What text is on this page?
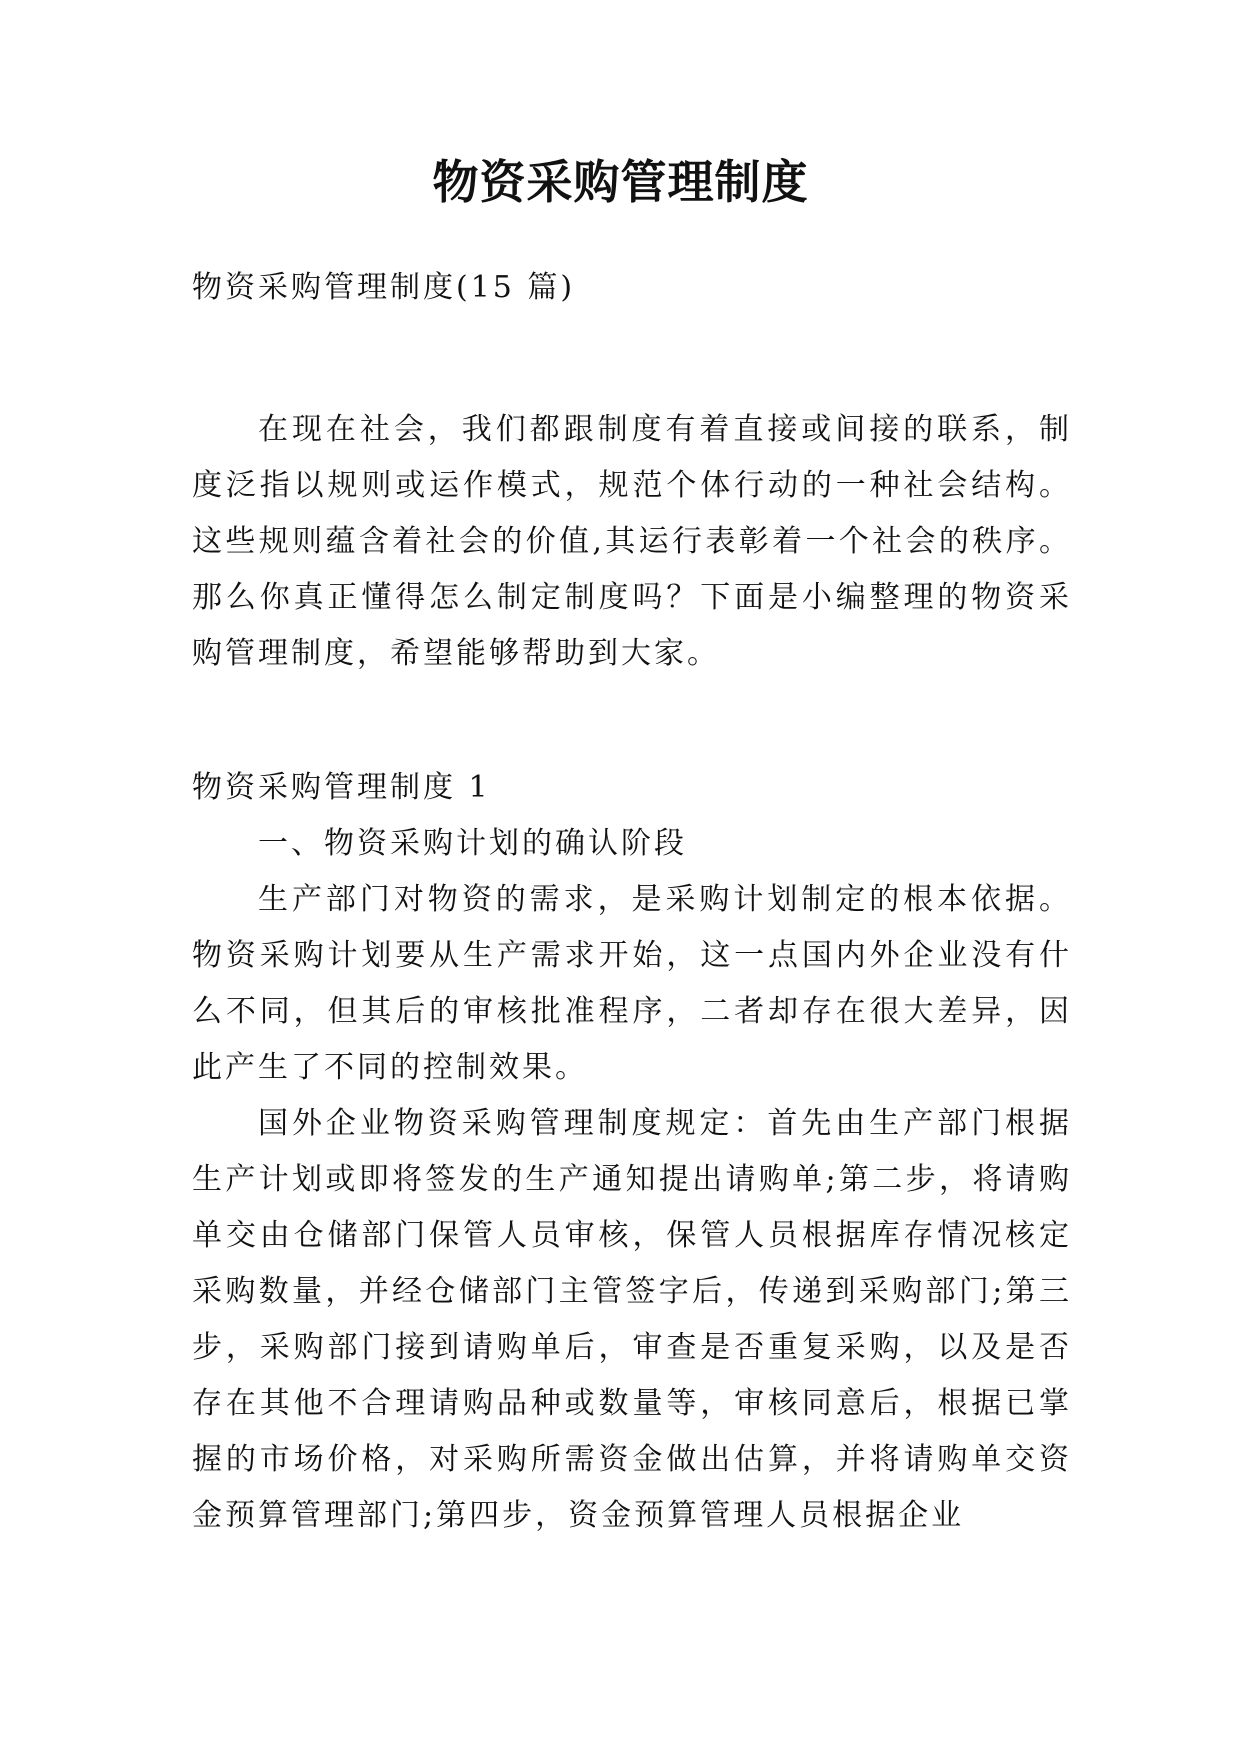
物资采购管理制度

物资采购管理制度(15 篇)

在现在社会，我们都跟制度有着直接或间接的联系，制度泛指以规则或运作模式，规范个体行动的一种社会结构。这些规则蕴含着社会的价值,其运行表彰着一个社会的秩序。那么你真正懂得怎么制定制度吗？下面是小编整理的物资采购管理制度，希望能够帮助到大家。

物资采购管理制度 1

一、物资采购计划的确认阶段

生产部门对物资的需求，是采购计划制定的根本依据。物资采购计划要从生产需求开始，这一点国内外企业没有什么不同，但其后的审核批准程序，二者却存在很大差异，因此产生了不同的控制效果。

国外企业物资采购管理制度规定：首先由生产部门根据生产计划或即将签发的生产通知提出请购单;第二步，将请购单交由仓储部门保管人员审核，保管人员根据库存情况核定采购数量，并经仓储部门主管签字后，传递到采购部门;第三步，采购部门接到请购单后，审查是否重复采购，以及是否存在其他不合理请购品种或数量等，审核同意后，根据已掌握的市场价格，对采购所需资金做出估算，并将请购单交资金预算管理部门;第四步，资金预算管理人员根据企业
